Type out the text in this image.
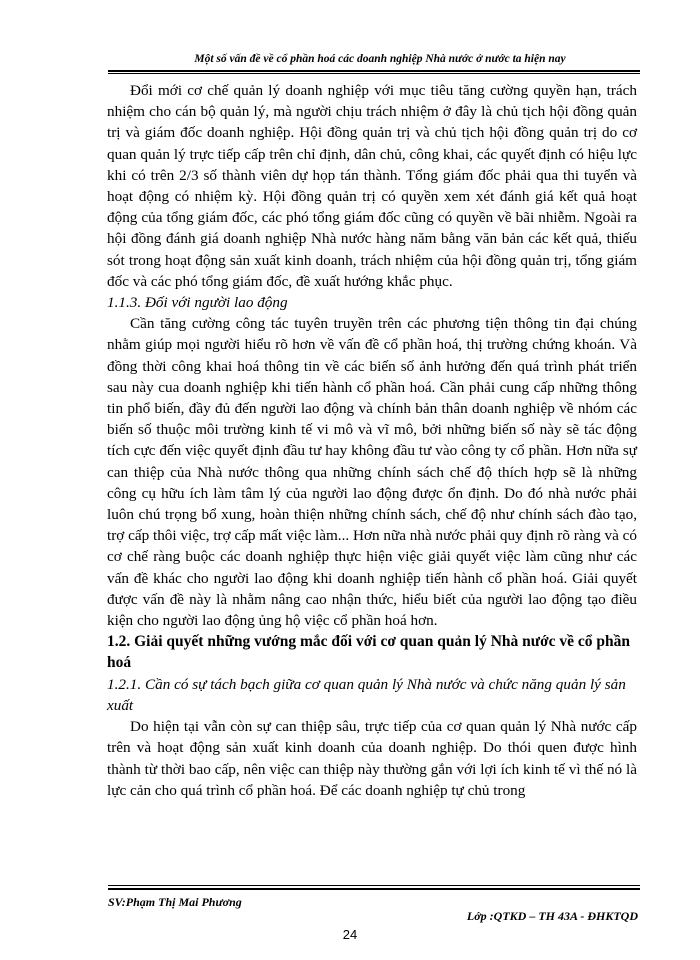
Một số vấn đề về cổ phần hoá các doanh nghiệp Nhà nước ở nước ta hiện nay

Đổi mới cơ chế quản lý doanh nghiệp với mục tiêu tăng cường quyền hạn, trách nhiệm cho cán bộ quản lý, mà người chịu trách nhiệm ở đây là chủ tịch hội đồng quản trị và giám đốc doanh nghiệp. Hội đồng quản trị và chủ tịch hội đồng quản trị do cơ quan quản lý trực tiếp cấp trên chỉ định, dân chủ, công khai, các quyết định có hiệu lực khi có trên 2/3 số thành viên dự họp tán thành. Tổng giám đốc phải qua thi tuyển và hoạt động có nhiệm kỳ. Hội đồng quản trị có quyền xem xét đánh giá kết quả hoạt động của tổng giám đốc, các phó tổng giám đốc cũng có quyền về bãi nhiễm. Ngoài ra hội đồng đánh giá doanh nghiệp Nhà nước hàng năm bằng văn bản các kết quả, thiếu sót trong hoạt động sản xuất kinh doanh, trách nhiệm của hội đồng quản trị, tổng giám đốc và các phó tổng giám đốc, đề xuất hướng khắc phục.

1.1.3. Đối với người lao động

Cần tăng cường công tác tuyên truyền trên các phương tiện thông tin đại chúng nhằm giúp mọi người hiểu rõ hơn về vấn đề cổ phần hoá, thị trường chứng khoán. Và đồng thời công khai hoá thông tin về các biến số ảnh hưởng đến quá trình phát triển sau này cua doanh nghiệp khi tiến hành cổ phần hoá. Cần phải cung cấp những thông tin phổ biến, đầy đủ đến người lao động và chính bản thân doanh nghiệp về nhóm các biến số thuộc môi trường kinh tế vi mô và vĩ mô, bởi những biến số này sẽ tác động tích cực đến việc quyết định đầu tư hay không đầu tư vào công ty cổ phần. Hơn nữa sự can thiệp của Nhà nước thông qua những chính sách chế độ thích hợp sẽ là những công cụ hữu ích làm tâm lý của người lao động được ổn định. Do đó nhà nước phải luôn chú trọng bổ xung, hoàn thiện những chính sách, chế độ như chính sách đào tạo, trợ cấp thôi việc, trợ cấp mất việc làm... Hơn nữa nhà nước phải quy định rõ ràng và có cơ chế ràng buộc các doanh nghiệp thực hiện việc giải quyết việc làm cũng như các vấn đề khác cho người lao động khi doanh nghiệp tiến hành cổ phần hoá. Giải quyết được vấn đề này là nhằm nâng cao nhận thức, hiểu biết của người lao động tạo điều kiện cho người lao động ủng hộ việc cổ phần hoá hơn.

1.2. Giải quyết những vướng mắc đối với cơ quan quản lý Nhà nước về cổ phần hoá

1.2.1. Cần có sự tách bạch giữa cơ quan quản lý Nhà nước và chức năng quản lý sản xuất

Do hiện tại vẫn còn sự can thiệp sâu, trực tiếp của cơ quan quản lý Nhà nước cấp trên và hoạt động sản xuất kinh doanh của doanh nghiệp. Do thói quen được hình thành từ thời bao cấp, nên việc can thiệp này thường gắn với lợi ích kinh tế vì thế nó là lực cản cho quá trình cổ phần hoá. Để các doanh nghiệp tự chủ trong

SV:Phạm Thị Mai Phương
Lớp :QTKD – TH 43A - ĐHKTQD
24
